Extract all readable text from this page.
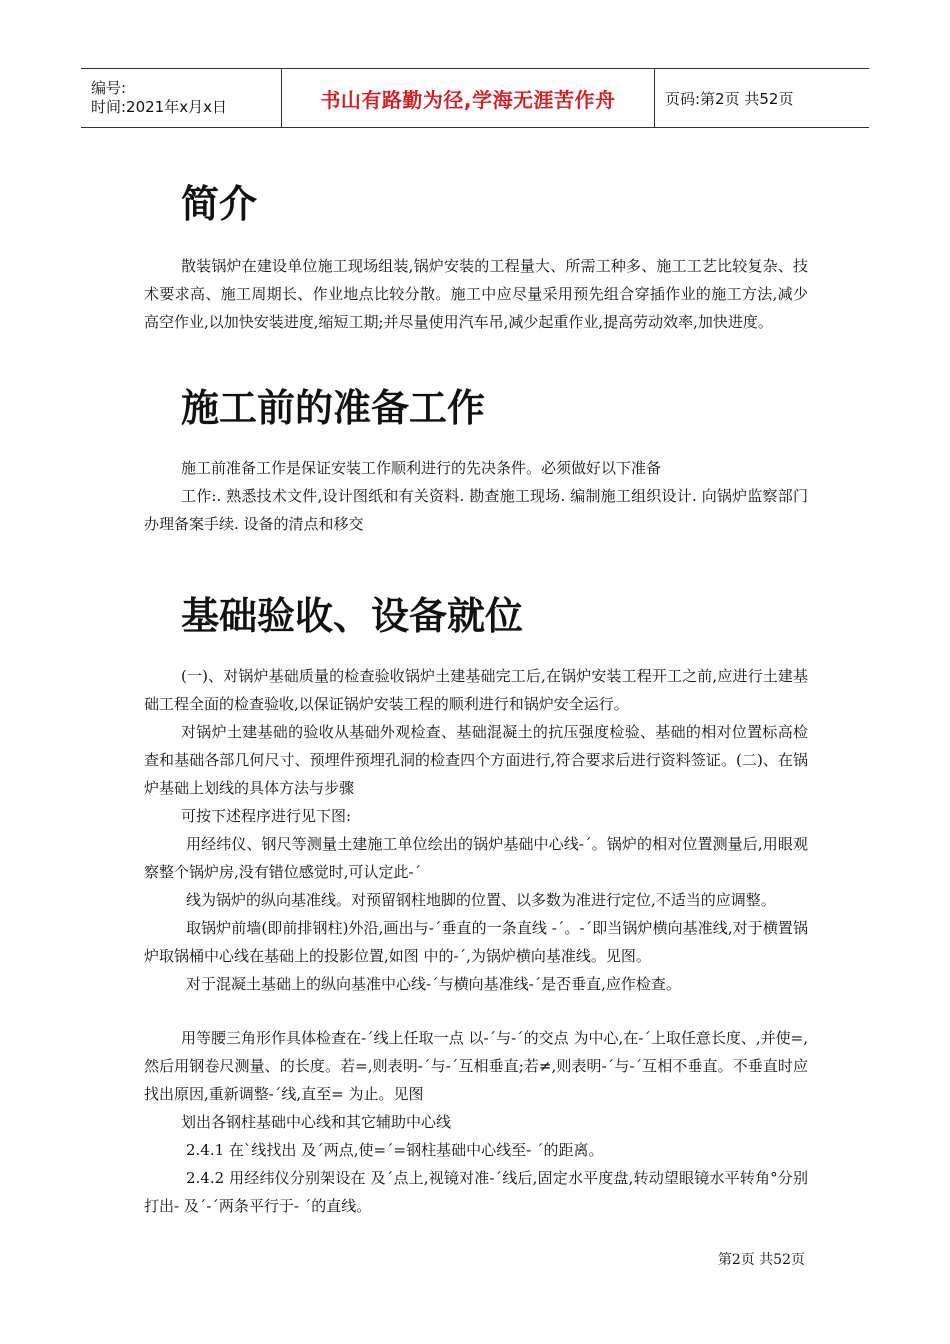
编号:
时间:2021年x月x日	书山有路勤为径,学海无涯苦作舟	页码:第2页 共52页
简介

散装锅炉在建设单位施工现场组装,锅炉安装的工程量大、所需工种多、施工工艺比较复杂、技术要求高、施工周期长、作业地点比较分散。施工中应尽量采用预先组合穿插作业的施工方法,减少高空作业,以加快安装进度,缩短工期;并尽量使用汽车吊,减少起重作业,提高劳动效率,加快进度。

施工前的准备工作

施工前准备工作是保证安装工作顺利进行的先决条件。必须做好以下准备

工作:. 熟悉技术文件,设计图纸和有关资料. 勘查施工现场. 编制施工组织设计. 向锅炉监察部门办理备案手续. 设备的清点和移交

基础验收、设备就位

(一)、对锅炉基础质量的检查验收锅炉土建基础完工后,在锅炉安装工程开工之前,应进行土建基础工程全面的检查验收,以保证锅炉安装工程的顺利进行和锅炉安全运行。

对锅炉土建基础的验收从基础外观检查、基础混凝土的抗压强度检验、基础的相对位置标高检查和基础各部几何尺寸、预埋件预埋孔洞的检查四个方面进行,符合要求后进行资料签证。(二)、在锅炉基础上划线的具体方法与步骤

可按下述程序进行见下图:

用经纬仪、钢尺等测量土建施工单位绘出的锅炉基础中心线-ˊ。锅炉的相对位置测量后,用眼观察整个锅炉房,没有错位感觉时,可认定此-ˊ

线为锅炉的纵向基准线。对预留钢柱地脚的位置、以多数为准进行定位,不适当的应调整。

取锅炉前墙(即前排钢柱)外沿,画出与-ˊ垂直的一条直线 -ˊ。-ˊ即当锅炉横向基准线,对于横置锅炉取锅桶中心线在基础上的投影位置,如图 中的-ˊ,为锅炉横向基准线。见图。

对于混凝土基础上的纵向基准中心线-ˊ与横向基准线-ˊ是否垂直,应作检查。

用等腰三角形作具体检查在-ˊ线上任取一点 以-ˊ与-ˊ的交点 为中心,在-ˊ上取任意长度、,并使=,然后用钢卷尺测量、的长度。若=,则表明-ˊ与-ˊ互相垂直;若≠,则表明-ˊ与-ˊ互相不垂直。不垂直时应找出原因,重新调整-ˊ线,直至= 为止。见图

划出各钢柱基础中心线和其它辅助中心线

2.4.1 在`线找出 及ˊ两点,使=ˊ=钢柱基础中心线至- ˊ的距离。

2.4.2 用经纬仪分别架设在 及ˊ点上,视镜对准-ˊ线后,固定水平度盘,转动望眼镜水平转角°分别打出- 及ˊ-ˊ两条平行于- ˊ的直线。

第2页 共52页
